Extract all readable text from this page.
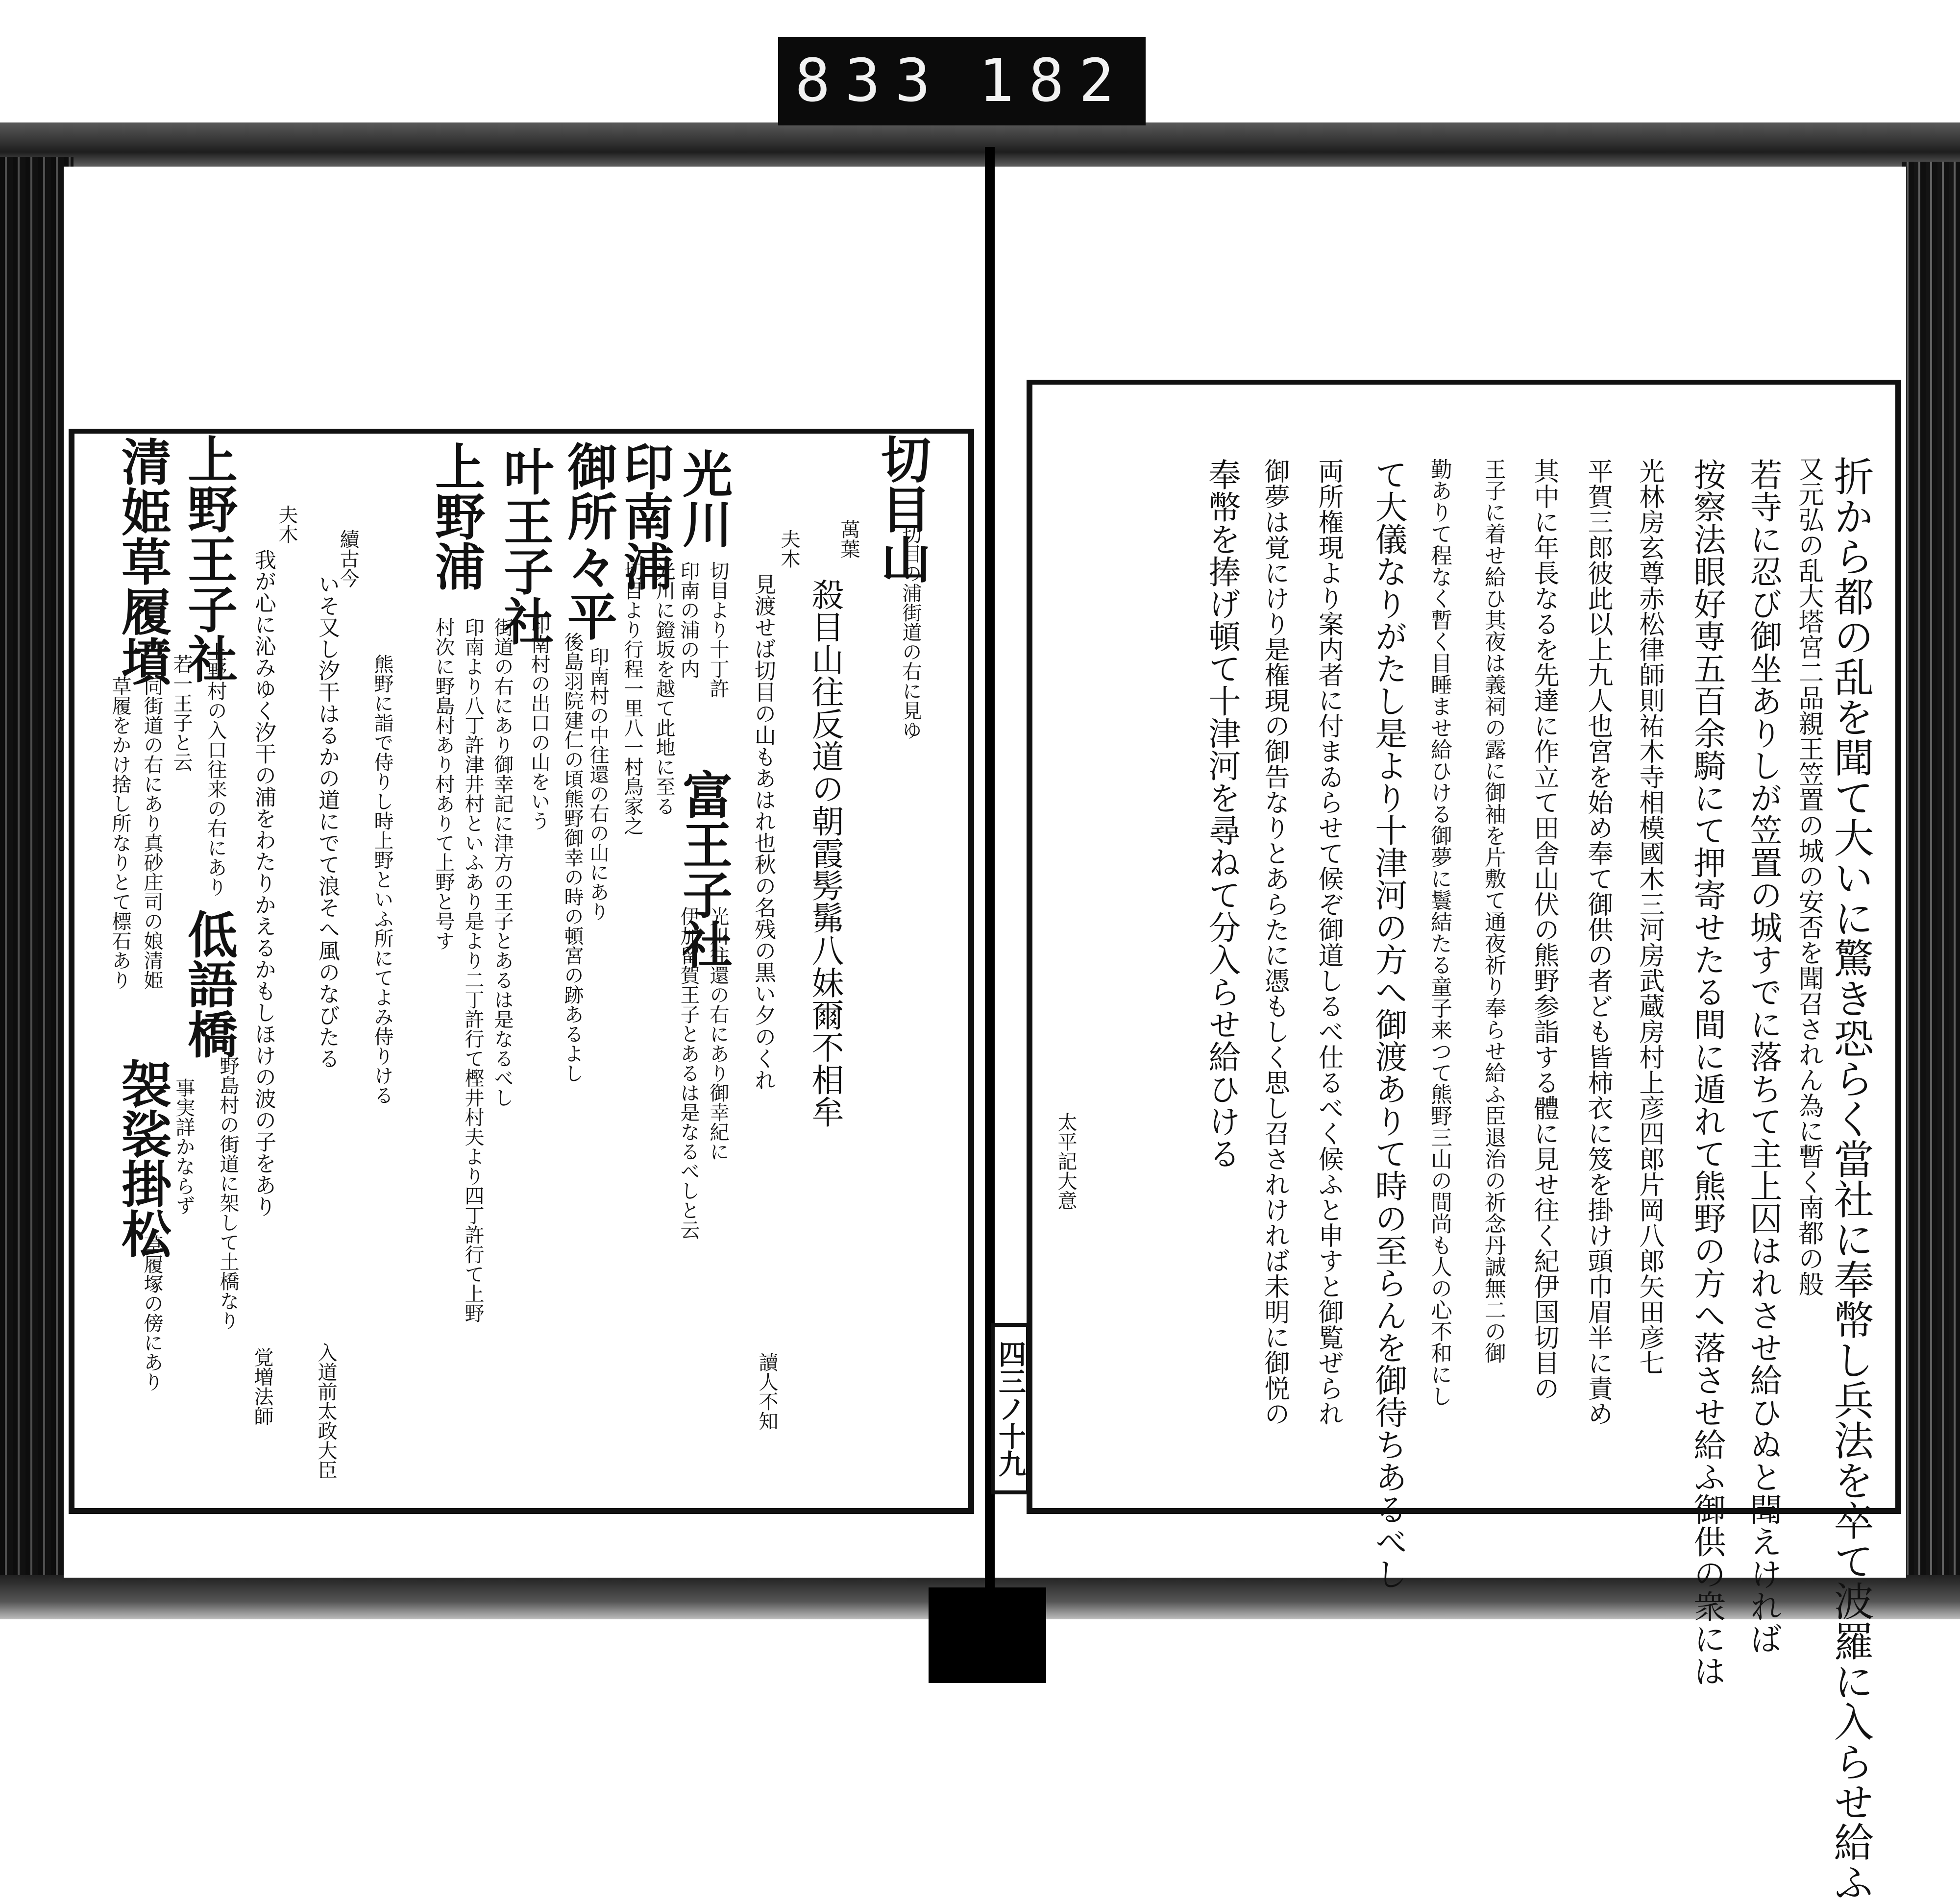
833 182
折から都の乱を聞て大いに驚き恐らく當社に奉幣し兵法を卒て波羅に入らせ給ふ
又元弘の乱大塔宮二品親王笠置の城の安否を聞召されん為に暫く南都の般
若寺に忍び御坐ありしが笠置の城すでに落ちて主上囚はれさせ給ひぬと聞えければ
按察法眼好専五百余騎にて押寄せたる間に遁れて熊野の方へ落させ給ふ御供の衆には
光林房玄尊赤松律師則祐木寺相模國木三河房武蔵房村上彦四郎片岡八郎矢田彦七
平賀三郎彼此以上九人也宮を始め奉て御供の者ども皆柿衣に笈を掛け頭巾眉半に責め
其中に年長なるを先達に作立て田舎山伏の熊野参詣する體に見せ往く紀伊国切目の
王子に着せ給ひ其夜は義祠の露に御袖を片敷て通夜祈り奉らせ給ふ臣退治の祈念丹誠無二の御
勤ありて程なく暫く目睡ませ給ひける御夢に鬟結たる童子来つて熊野三山の間尚も人の心不和にし
て大儀なりがたし是より十津河の方へ御渡ありて時の至らんを御待ちあるべし
両所権現より案内者に付まゐらせて候ぞ御道しるべ仕るべく候ふと申すと御覧ぜられ
御夢は覚にけり是権現の御告なりとあらたに憑もしく思し召されければ未明に御悦の
奉幣を捧げ頓て十津河を尋ねて分入らせ給ひける
太平記大意
四三ノ十九
切目山
切目の浦街道の右に見ゆ
萬葉
殺目山往反道の朝霞髣髴八妹爾不相牟
夫木
見渡せば切目の山もあはれ也秋の名残の黒い夕のくれ
讀人不知
光川
切目より十丁許
印南の浦の内
光川に鐙坂を越て此地に至る
切目より行程一里八一村鳥家之
富王子社
光川往還の右にあり御幸紀に
伊加留賀王子とあるは是なるべしと云
印南浦
後島羽院建仁の頃熊野御幸の時の頓宮の跡あるよし 印南村の中往還の右の山にあり
御所々平
叶王子社
印南村の出口の山をいう
街道の右にあり御幸記に津方の王子とあるは是なるべし
印南より八丁許津井村といふあり是より二丁許行て樫井村夫より四丁許行て上野
村次に野島村あり村ありて上野と号す
上野浦
熊野に詣で侍りし時上野といふ所にてよみ侍りける
續古今
いそ又し汐干はるかの道にでて浪そへ風のなびたる
入道前太政大臣
夫木
我が心に沁みゆく汐干の浦をわたりかえるかもしほけの波の子をあり
覚増法師
上野王子社
若一王子と云 上野村の入口往来の右にあり
低語橋
野島村の街道に架して土橋なり
事実詳かならず
清姫草履墳
同街道の右にあり真砂庄司の娘清姫
草履をかけ捨し所なりとて標石あり
袈裟掛松
草履塚の傍にあり
